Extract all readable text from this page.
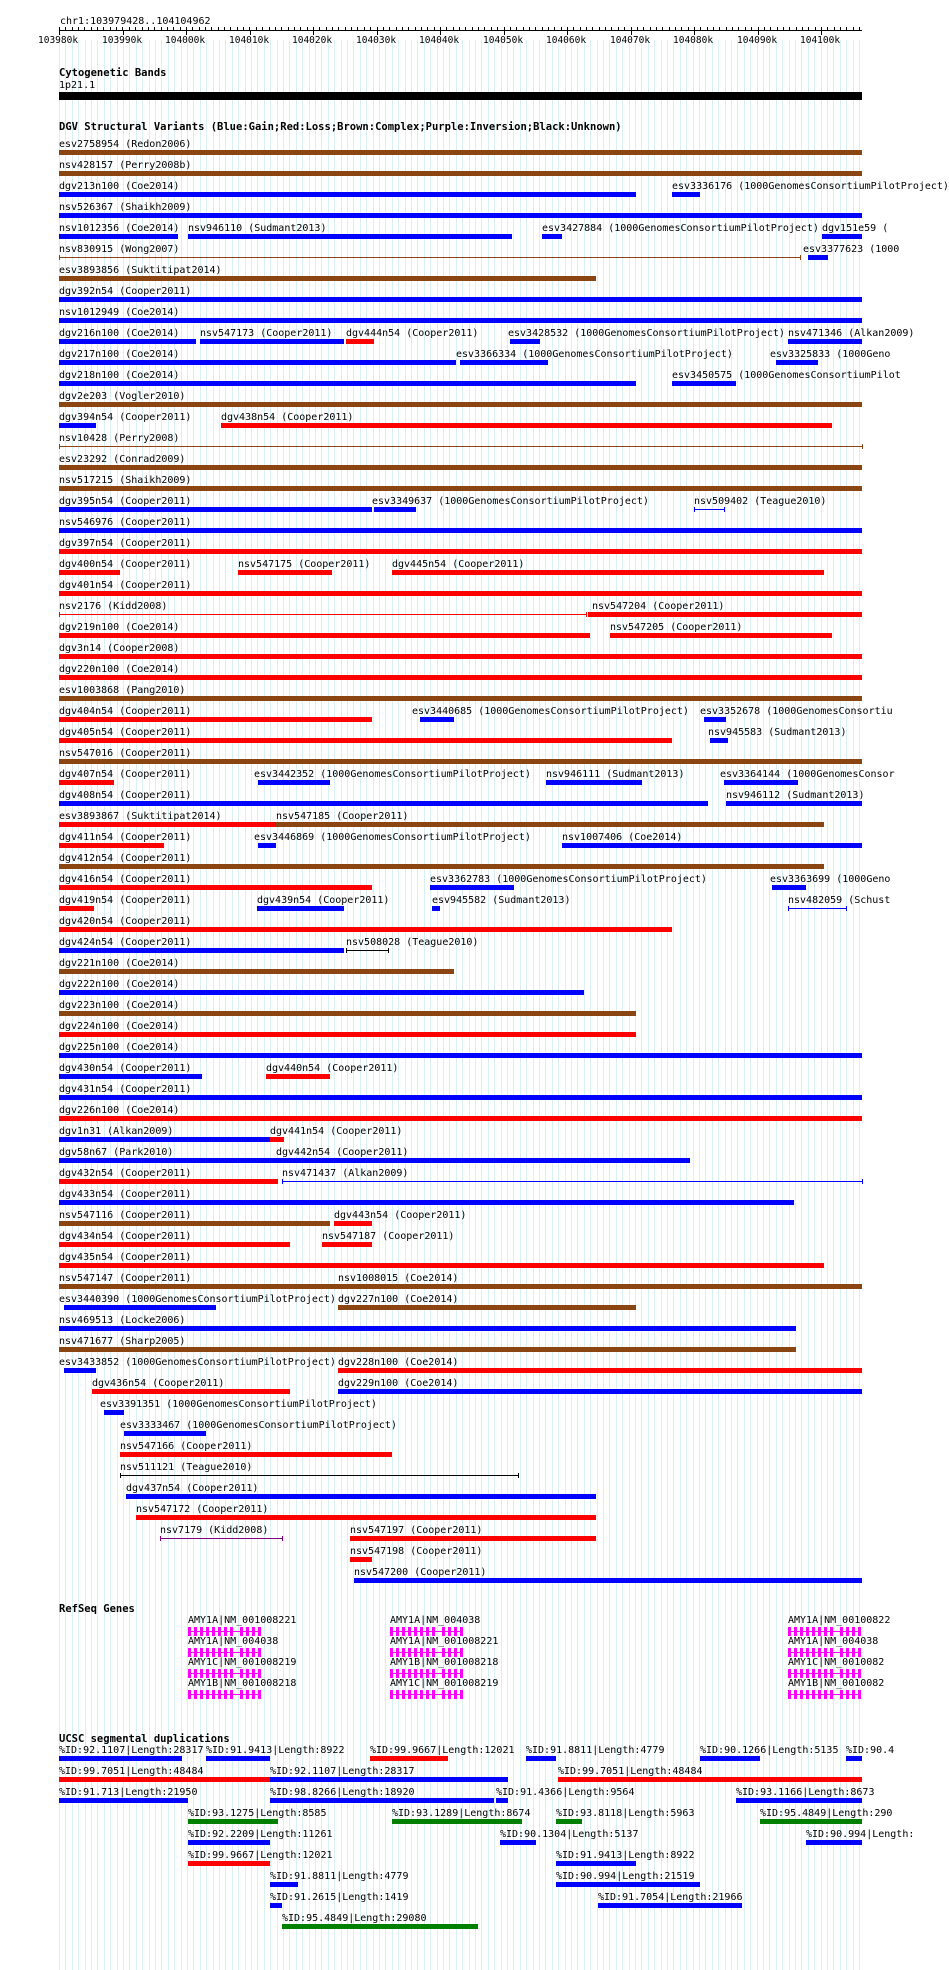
chr1:103979428..104104962
103980k	103990k 104000k	104010k 104020k	104030k 104040k	104050k 104060k	104070k 104080k	104090k 104100k
Cytogenetic Bands
1p21.1
DGV Structural Variants (Blue:Gain;Red:Loss;Brown:Complex;Purple:Inversion;Black:Unknown)
esv2758954 (Redon2006)
nsv428157 (Perry2008b)
dgv213n100 (Coe2014)	esv3336176 (1000GenomesConsortiumPilotProject)
nsv526367 (Shaikh2009)
nsv1012356 (Coe2014) nsv946110 (Sudmant2013)	esv3427884 (1000GenomesConsortiumPilotProject) dgv151e59 (
nsv830915 (Wong2007)	esv3377623 (1000
esv3893856 (Suktitipat2014)
dgv392n54 (Cooper2011)
nsv1012949 (Coe2014)
dgv216n100 (Coe2014) nsv547173 (Cooper2011) dgv444n54 (Cooper2011)	esv3428532 (1000GenomesConsortiumPilotProject) nsv471346 (Alkan2009)
dgv217n100 (Coe2014)	esv3366334 (1000GenomesConsortiumPilotProject)	esv3325833 (1000Geno
dgv218n100 (Coe2014)	esv3450575 (1000GenomesConsortiumPilot
dgv2e203 (Vogler2010)
dgv394n54 (Cooper2011)	dgv438n54 (Cooper2011)
nsv10428 (Perry2008)
esv23292 (Conrad2009)
nsv517215 (Shaikh2009)
dgv395n54 (Cooper2011)	esv3349637 (1000GenomesConsortiumPilotProject)	nsv509402 (Teague2010)
nsv546976 (Cooper2011)
dgv397n54 (Cooper2011)
dgv400n54 (Cooper2011)	nsv547175 (Cooper2011) dgv445n54 (Cooper2011)
dgv401n54 (Cooper2011)
nsv2176 (Kidd2008)	nsv547204 (Cooper2011)
dgv219n100 (Coe2014)	nsv547205 (Cooper2011)
dgv3n14 (Cooper2008)
dgv220n100 (Coe2014)
esv1003868 (Pang2010)
dgv404n54 (Cooper2011)	esv3440685 (1000GenomesConsortiumPilotProject) esv3352678 (1000GenomesConsortiu
dgv405n54 (Cooper2011)	nsv945583 (Sudmant2013)
nsv547016 (Cooper2011)
dgv407n54 (Cooper2011)	esv3442352 (1000GenomesConsortiumPilotProject) nsv946111 (Sudmant2013)	esv3364144 (1000GenomesConsor
dgv408n54 (Cooper2011)	nsv946112 (Sudmant2013)
esv3893867 (Suktitipat2014)	nsv547185 (Cooper2011)
dgv411n54 (Cooper2011)	esv3446869 (1000GenomesConsortiumPilotProject)	nsv1007406 (Coe2014)
dgv412n54 (Cooper2011)
dgv416n54 (Cooper2011)	esv3362783 (1000GenomesConsortiumPilotProject)	esv3363699 (1000Geno
dgv419n54 (Cooper2011)	dgv439n54 (Cooper2011)	esv945582 (Sudmant2013)	nsv482059 (Schust
dgv420n54 (Cooper2011)
dgv424n54 (Cooper2011)	nsv508028 (Teague2010)
dgv221n100 (Coe2014)
dgv222n100 (Coe2014)
dgv223n100 (Coe2014)
dgv224n100 (Coe2014)
dgv225n100 (Coe2014)
dgv430n54 (Cooper2011)	dgv440n54 (Cooper2011)
dgv431n54 (Cooper2011)
dgv226n100 (Coe2014)
dgv1n31 (Alkan2009)	dgv441n54 (Cooper2011)
dgv58n67 (Park2010)	dgv442n54 (Cooper2011)
dgv432n54 (Cooper2011)	nsv471437 (Alkan2009)
dgv433n54 (Cooper2011)
nsv547116 (Cooper2011)	dgv443n54 (Cooper2011)
dgv434n54 (Cooper2011)	nsv547187 (Cooper2011)
dgv435n54 (Cooper2011)
nsv547147 (Cooper2011)	nsv1008015 (Coe2014)
esv3440390 (1000GenomesConsortiumPilotProject) dgv227n100 (Coe2014)
nsv469513 (Locke2006)
nsv471677 (Sharp2005)
esv3433852 (1000GenomesConsortiumPilotProject) dgv228n100 (Coe2014)
dgv436n54 (Cooper2011)	dgv229n100 (Coe2014)
esv3391351 (1000GenomesConsortiumPilotProject)
esv3333467 (1000GenomesConsortiumPilotProject)
nsv547166 (Cooper2011)
nsv511121 (Teague2010)
dgv437n54 (Cooper2011)
nsv547172 (Cooper2011)
nsv7179 (Kidd2008)	nsv547197 (Cooper2011)
nsv547198 (Cooper2011)
nsv547200 (Cooper2011)
RefSeq Genes
AMY1A|NM_001008221
AMY1A|NM_004038
AMY1C|NM_001008219
AMY1B|NM_001008218
AMY1A|NM_004038
AMY1A|NM_001008221
AMY1B|NM_001008218
AMY1C|NM_001008219
AMY1A|NM_00100822
AMY1A|NM_004038
AMY1C|NM_0010082
AMY1B|NM_0010082
UCSC segmental duplications
%ID:92.1107|Length:28317 %ID:91.9413|Length:8922	%ID:99.9667|Length:12021 %ID:91.8811|Length:4779	%ID:90.1266|Length:5135 %ID:90.4
%ID:99.7051|Length:48484	%ID:92.1107|Length:28317	%ID:99.7051|Length:48484
%ID:91.713|Length:21950	%ID:98.8266|Length:18920	%ID:91.4366|Length:9564	%ID:93.1166|Length:8673
%ID:93.1275|Length:8585	%ID:93.1289|Length:8674	%ID:93.8118|Length:5963	%ID:95.4849|Length:290
%ID:92.2209|Length:11261	%ID:90.1304|Length:5137	%ID:90.994|Length:
%ID:99.9667|Length:12021	%ID:91.9413|Length:8922
%ID:91.8811|Length:4779	%ID:90.994|Length:21519
%ID:91.2615|Length:1419	%ID:91.7054|Length:21966
%ID:95.4849|Length:29080
